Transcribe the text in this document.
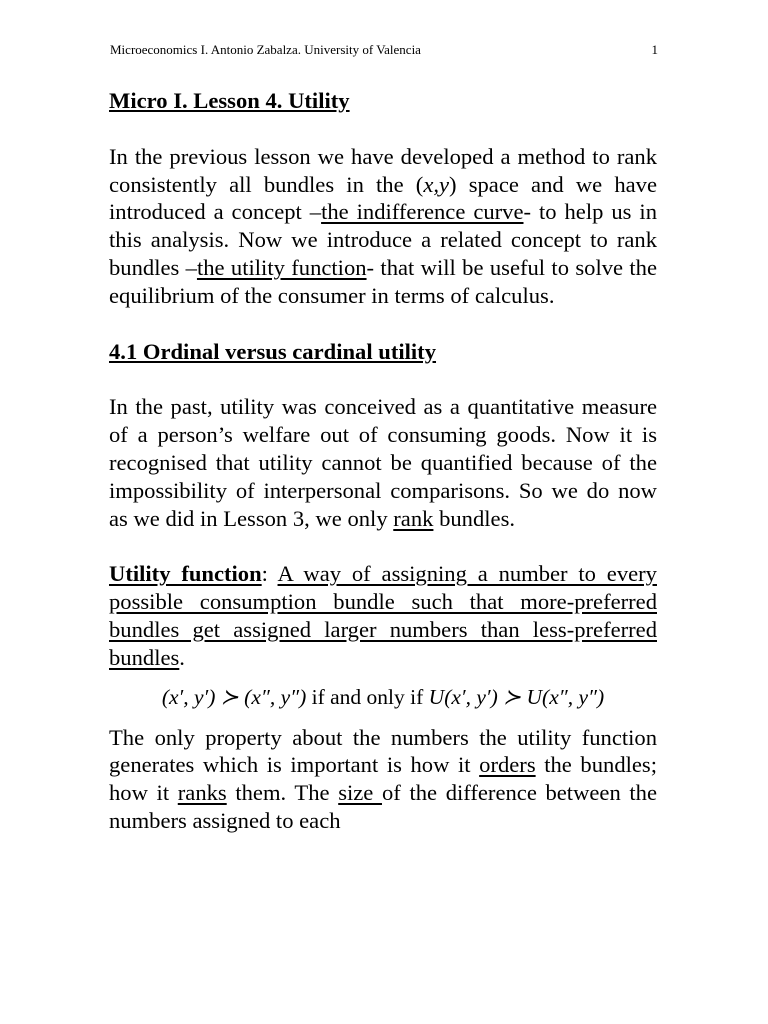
Microeconomics I. Antonio Zabalza. University of Valencia	1
Micro I. Lesson 4. Utility

In the previous lesson we have developed a method to rank consistently all bundles in the (x,y) space and we have introduced a concept –the indifference curve- to help us in this analysis. Now we introduce a related concept to rank bundles –the utility function- that will be useful to solve the equilibrium of the consumer in terms of calculus.

4.1 Ordinal versus cardinal utility

In the past, utility was conceived as a quantitative measure of a person’s welfare out of consuming goods. Now it is recognised that utility cannot be quantified because of the impossibility of interpersonal comparisons. So we do now as we did in Lesson 3, we only rank bundles.

Utility function: A way of assigning a number to every possible consumption bundle such that more-preferred bundles get assigned larger numbers than less-preferred bundles.

(x′, y′) ≻ (x″, y″) if and only if U(x′, y′) ≻ U(x″, y″)

The only property about the numbers the utility function generates which is important is how it orders the bundles; how it ranks them. The size of the difference between the numbers assigned to each
